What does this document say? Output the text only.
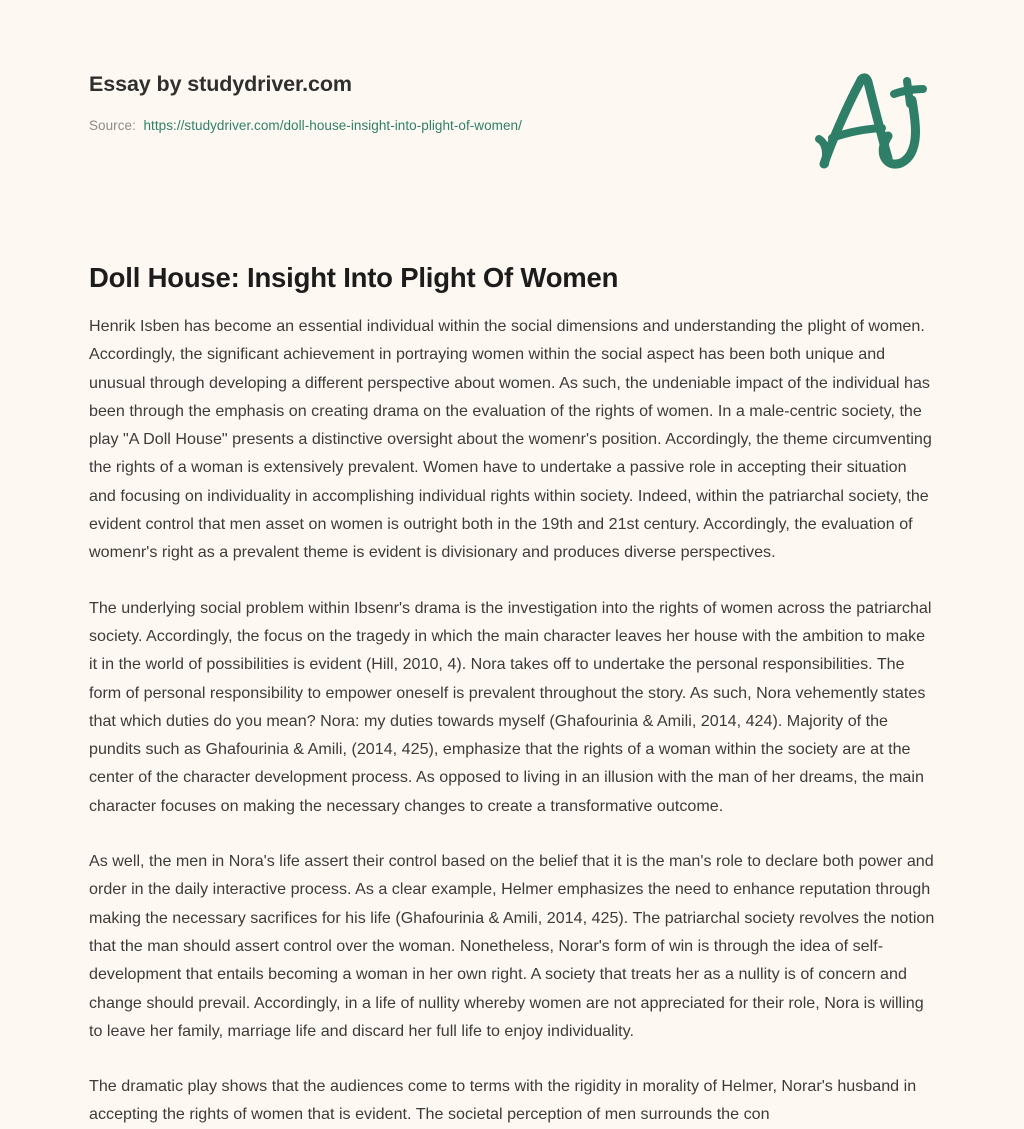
Essay by studydriver.com
Source: https://studydriver.com/doll-house-insight-into-plight-of-women/
Doll House: Insight Into Plight Of Women

Henrik Isben has become an essential individual within the social dimensions and understanding the plight of women. Accordingly, the significant achievement in portraying women within the social aspect has been both unique and unusual through developing a different perspective about women. As such, the undeniable impact of the individual has been through the emphasis on creating drama on the evaluation of the rights of women. In a male-centric society, the play "A Doll House" presents a distinctive oversight about the womenr's position. Accordingly, the theme circumventing the rights of a woman is extensively prevalent. Women have to undertake a passive role in accepting their situation and focusing on individuality in accomplishing individual rights within society. Indeed, within the patriarchal society, the evident control that men asset on women is outright both in the 19th and 21st century. Accordingly, the evaluation of womenr's right as a prevalent theme is evident is divisionary and produces diverse perspectives.

The underlying social problem within Ibsenr's drama is the investigation into the rights of women across the patriarchal society. Accordingly, the focus on the tragedy in which the main character leaves her house with the ambition to make it in the world of possibilities is evident (Hill, 2010, 4). Nora takes off to undertake the personal responsibilities. The form of personal responsibility to empower oneself is prevalent throughout the story. As such, Nora vehemently states that which duties do you mean? Nora: my duties towards myself (Ghafourinia & Amili, 2014, 424). Majority of the pundits such as Ghafourinia & Amili, (2014, 425), emphasize that the rights of a woman within the society are at the center of the character development process. As opposed to living in an illusion with the man of her dreams, the main character focuses on making the necessary changes to create a transformative outcome.

As well, the men in Nora's life assert their control based on the belief that it is the man's role to declare both power and order in the daily interactive process. As a clear example, Helmer emphasizes the need to enhance reputation through making the necessary sacrifices for his life (Ghafourinia & Amili, 2014, 425). The patriarchal society revolves the notion that the man should assert control over the woman. Nonetheless, Norar's form of win is through the idea of self-development that entails becoming a woman in her own right. A society that treats her as a nullity is of concern and change should prevail. Accordingly, in a life of nullity whereby women are not appreciated for their role, Nora is willing to leave her family, marriage life and discard her full life to enjoy individuality.

The dramatic play shows that the audiences come to terms with the rigidity in morality of Helmer, Norar's husband in accepting the rights of women that is evident. The societal perception of men surrounds the con
